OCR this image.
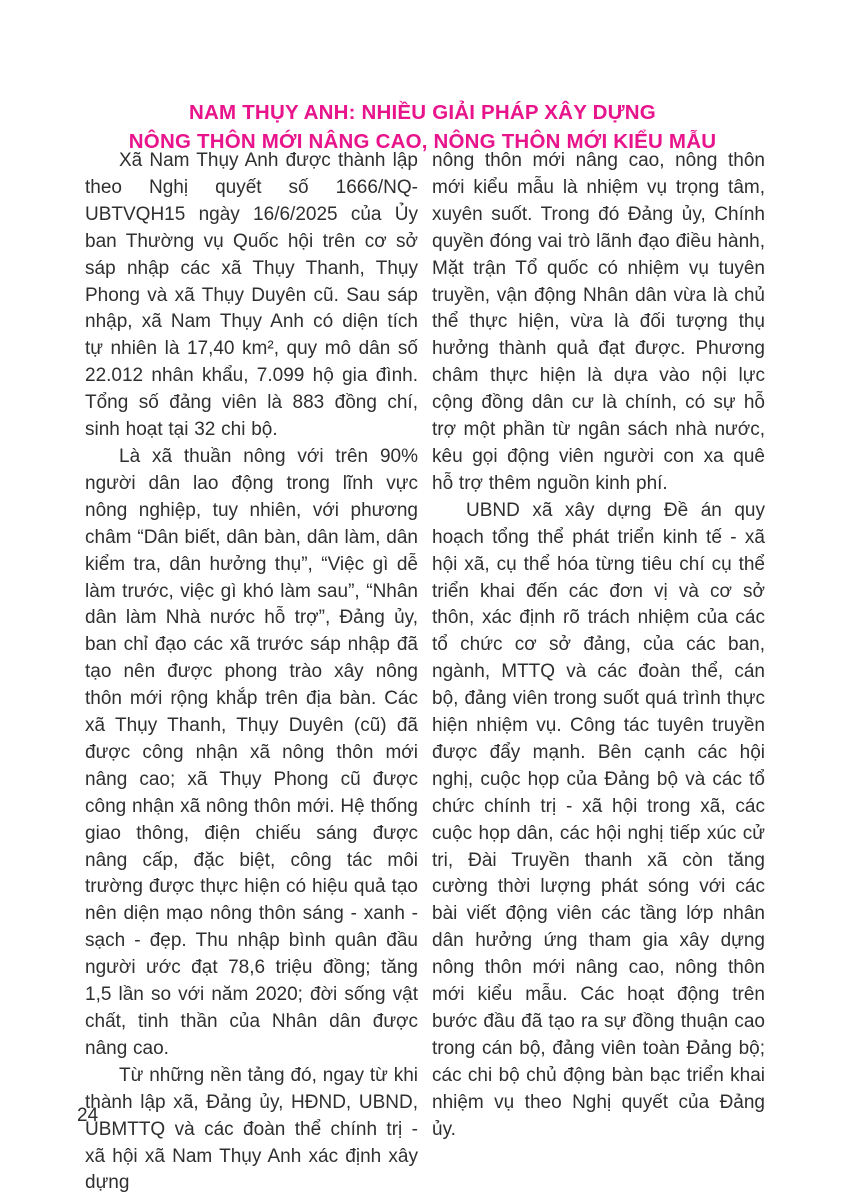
NAM THỤY ANH: NHIỀU GIẢI PHÁP XÂY DỰNG
NÔNG THÔN MỚI NÂNG CAO, NÔNG THÔN MỚI KIỂU MẪU

Xã Nam Thụy Anh được thành lập theo Nghị quyết số 1666/NQ-UBTVQH15 ngày 16/6/2025 của Ủy ban Thường vụ Quốc hội trên cơ sở sáp nhập các xã Thụy Thanh, Thụy Phong và xã Thụy Duyên cũ. Sau sáp nhập, xã Nam Thụy Anh có diện tích tự nhiên là 17,40 km², quy mô dân số 22.012 nhân khẩu, 7.099 hộ gia đình. Tổng số đảng viên là 883 đồng chí, sinh hoạt tại 32 chi bộ.

Là xã thuần nông với trên 90% người dân lao động trong lĩnh vực nông nghiệp, tuy nhiên, với phương châm “Dân biết, dân bàn, dân làm, dân kiểm tra, dân hưởng thụ”, “Việc gì dễ làm trước, việc gì khó làm sau”, “Nhân dân làm Nhà nước hỗ trợ”, Đảng ủy, ban chỉ đạo các xã trước sáp nhập đã tạo nên được phong trào xây nông thôn mới rộng khắp trên địa bàn. Các xã Thụy Thanh, Thụy Duyên (cũ) đã được công nhận xã nông thôn mới nâng cao; xã Thụy Phong cũ được công nhận xã nông thôn mới. Hệ thống giao thông, điện chiếu sáng được nâng cấp, đặc biệt, công tác môi trường được thực hiện có hiệu quả tạo nên diện mạo nông thôn sáng - xanh - sạch - đẹp. Thu nhập bình quân đầu người ước đạt 78,6 triệu đồng; tăng 1,5 lần so với năm 2020; đời sống vật chất, tinh thần của Nhân dân được nâng cao.

Từ những nền tảng đó, ngay từ khi thành lập xã, Đảng ủy, HĐND, UBND, UBMTTQ và các đoàn thể chính trị - xã hội xã Nam Thụy Anh xác định xây dựng

nông thôn mới nâng cao, nông thôn mới kiểu mẫu là nhiệm vụ trọng tâm, xuyên suốt. Trong đó Đảng ủy, Chính quyền đóng vai trò lãnh đạo điều hành, Mặt trận Tổ quốc có nhiệm vụ tuyên truyền, vận động Nhân dân vừa là chủ thể thực hiện, vừa là đối tượng thụ hưởng thành quả đạt được. Phương châm thực hiện là dựa vào nội lực cộng đồng dân cư là chính, có sự hỗ trợ một phần từ ngân sách nhà nước, kêu gọi động viên người con xa quê hỗ trợ thêm nguồn kinh phí.

UBND xã xây dựng Đề án quy hoạch tổng thể phát triển kinh tế - xã hội xã, cụ thể hóa từng tiêu chí cụ thể triển khai đến các đơn vị và cơ sở thôn, xác định rõ trách nhiệm của các tổ chức cơ sở đảng, của các ban, ngành, MTTQ và các đoàn thể, cán bộ, đảng viên trong suốt quá trình thực hiện nhiệm vụ. Công tác tuyên truyền được đẩy mạnh. Bên cạnh các hội nghị, cuộc họp của Đảng bộ và các tổ chức chính trị - xã hội trong xã, các cuộc họp dân, các hội nghị tiếp xúc cử tri, Đài Truyền thanh xã còn tăng cường thời lượng phát sóng với các bài viết động viên các tầng lớp nhân dân hưởng ứng tham gia xây dựng nông thôn mới nâng cao, nông thôn mới kiểu mẫu. Các hoạt động trên bước đầu đã tạo ra sự đồng thuận cao trong cán bộ, đảng viên toàn Đảng bộ; các chi bộ chủ động bàn bạc triển khai nhiệm vụ theo Nghị quyết của Đảng ủy.

24
